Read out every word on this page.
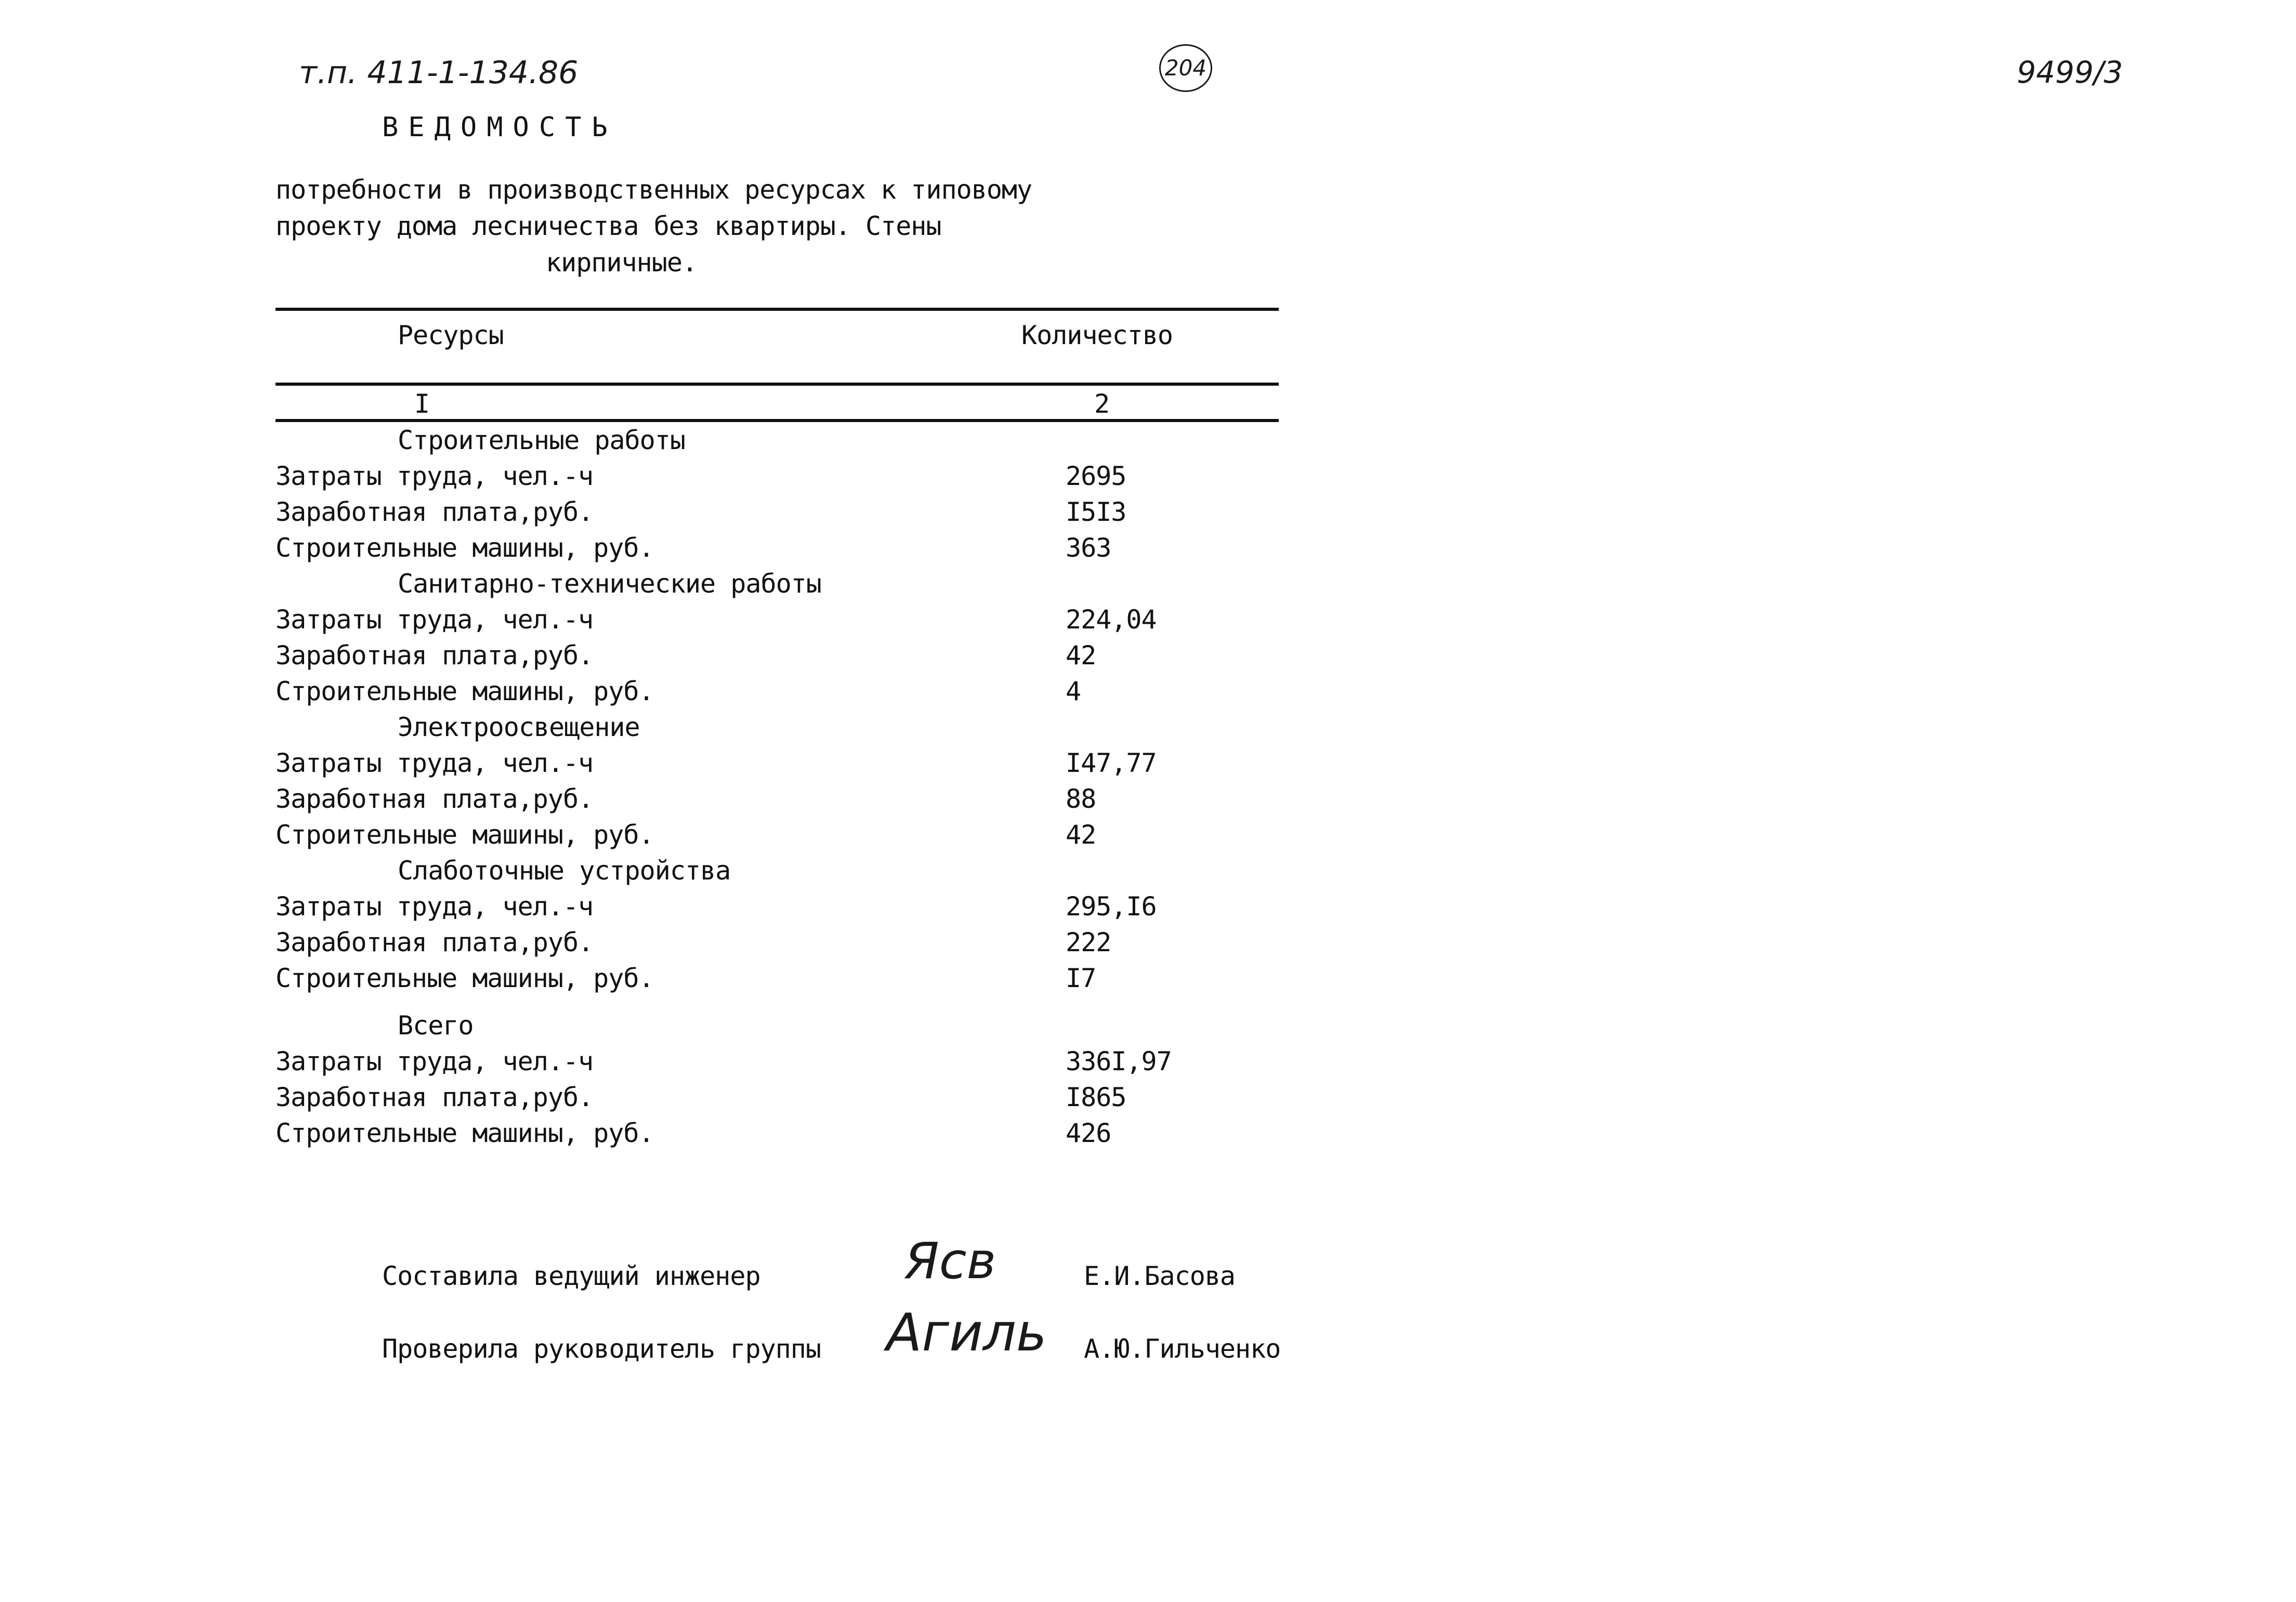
т.п. 411-1-134.86	204	9499/3
ВЕДОМОСТЬ
потребности в производственных ресурсах к типовому
проекту дома лесничества без квартиры. Стены
кирпичные.
Ресурсы	Количество
I	2
Строительные работы
Затраты труда, чел.-ч	2695
Заработная плата,руб.	I5I3
Строительные машины, руб.	363
Санитарно-технические работы
Затраты труда, чел.-ч	224,04
Заработная плата,руб.	42
Строительные машины, руб.	4
Электроосвещение
Затраты труда, чел.-ч	I47,77
Заработная плата,руб.	88
Строительные машины, руб.	42
Слаботочные устройства
Затраты труда, чел.-ч	295,I6
Заработная плата,руб.	222
Строительные машины, руб.	I7
Всего
Затраты труда, чел.-ч	336I,97
Заработная плата,руб.	I865
Строительные машины, руб.	426
Составила ведущий инженер	Ясв	Е.И.Басова
Проверила руководитель группы Агиль А.Ю.Гильченко
